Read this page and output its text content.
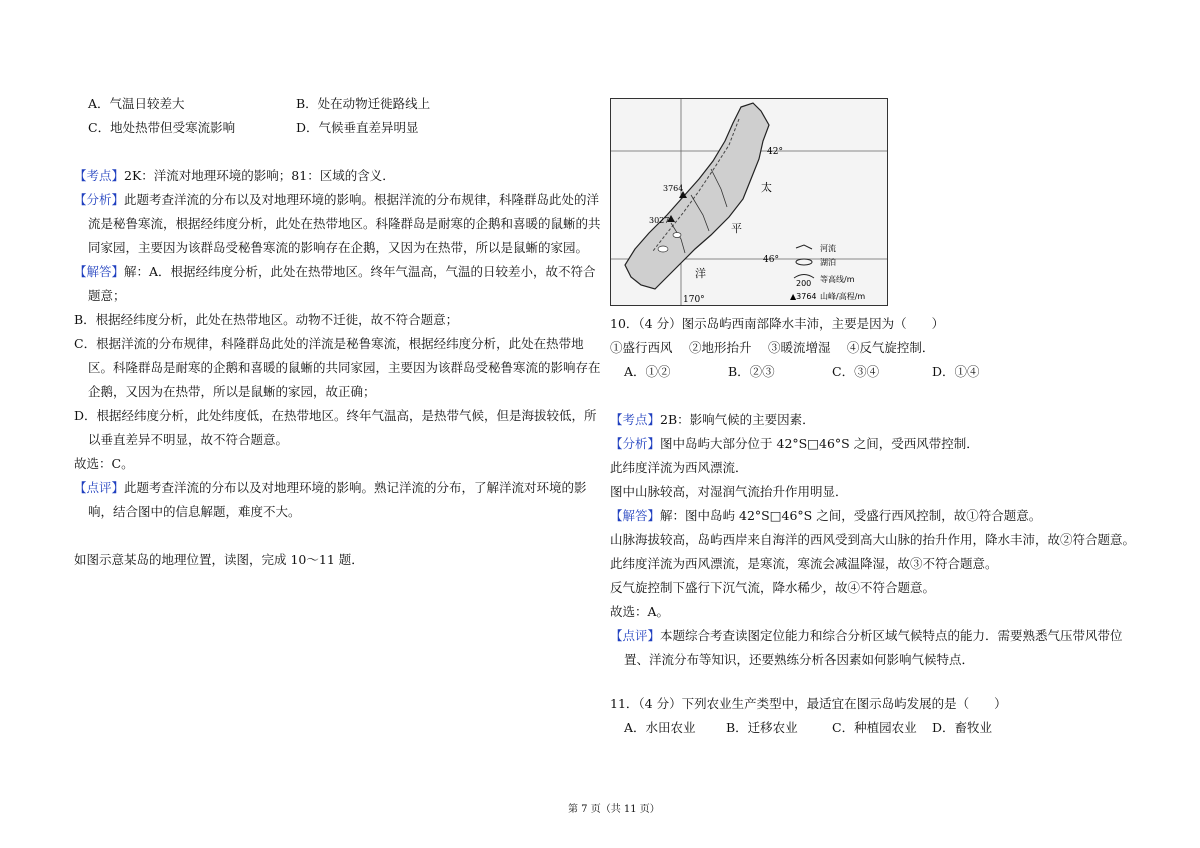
A．气温日较差大	B．处在动物迁徙路线上
C．地处热带但受寒流影响	D．气候垂直差异明显
【考点】2K：洋流对地理环境的影响；81：区域的含义．
【分析】此题考查洋流的分布以及对地理环境的影响。根据洋流的分布规律，科隆群岛此处的洋
流是秘鲁寒流，根据经纬度分析，此处在热带地区。科隆群岛是耐寒的企鹅和喜暖的鼠蜥的共
同家园，主要因为该群岛受秘鲁寒流的影响存在企鹅，又因为在热带，所以是鼠蜥的家园。
【解答】解：A．根据经纬度分析，此处在热带地区。终年气温高，气温的日较差小，故不符合
题意；
B．根据经纬度分析，此处在热带地区。动物不迁徙，故不符合题意；
C．根据洋流的分布规律，科隆群岛此处的洋流是秘鲁寒流，根据经纬度分析，此处在热带地
区。科隆群岛是耐寒的企鹅和喜暖的鼠蜥的共同家园，主要因为该群岛受秘鲁寒流的影响存在
企鹅，又因为在热带，所以是鼠蜥的家园，故正确；
D．根据经纬度分析，此处纬度低，在热带地区。终年气温高，是热带气候，但是海拔较低，所
以垂直差异不明显，故不符合题意。
故选：C。
【点评】此题考查洋流的分布以及对地理环境的影响。熟记洋流的分布，了解洋流对环境的影
响，结合图中的信息解题，难度不大。
如图示意某岛的地理位置，读图，完成 10～11 题．
42°
46°
170°
3764
3027
太
平
洋
河流
湖泊
200 等高线/m
▲3764 山峰/高程/m
10．（4 分）图示岛屿西南部降水丰沛，主要是因为（　　）
①盛行西风　 ②地形抬升　 ③暖流增湿　 ④反气旋控制．
A．①②	B．②③	C．③④	D．①④
【考点】2B：影响气候的主要因素．
【分析】图中岛屿大部分位于 42°S□46°S 之间，受西风带控制．
此纬度洋流为西风漂流．
图中山脉较高，对湿润气流抬升作用明显．
【解答】解：图中岛屿 42°S□46°S 之间，受盛行西风控制，故①符合题意。
山脉海拔较高，岛屿西岸来自海洋的西风受到高大山脉的抬升作用，降水丰沛，故②符合题意。
此纬度洋流为西风漂流，是寒流，寒流会减温降湿，故③不符合题意。
反气旋控制下盛行下沉气流，降水稀少，故④不符合题意。
故选：A。
【点评】本题综合考查读图定位能力和综合分析区域气候特点的能力．需要熟悉气压带风带位
置、洋流分布等知识，还要熟练分析各因素如何影响气候特点．
11．（4 分）下列农业生产类型中，最适宜在图示岛屿发展的是（　　）
A．水田农业 B．迁移农业	C．种植园农业 D．畜牧业
第 7 页（共 11 页）
